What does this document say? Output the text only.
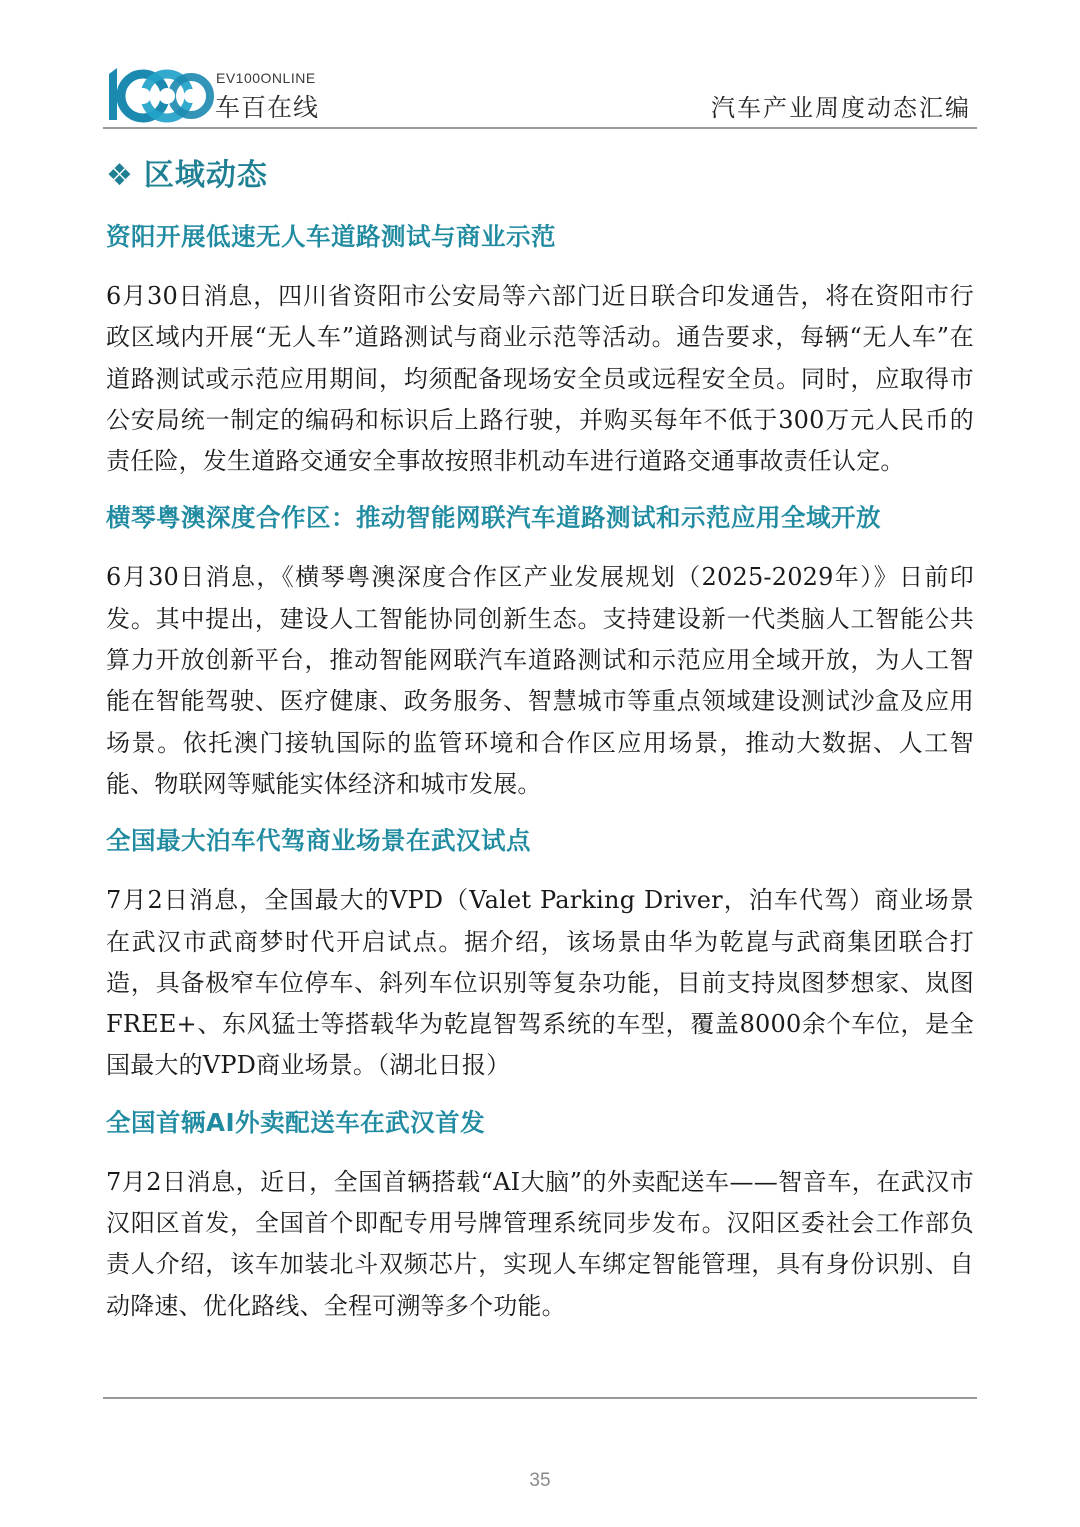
EV100ONLINE
车百在线	汽车产业周度动态汇编
❖ 区域动态
资阳开展低速无人车道路测试与商业示范

6月30日消息，四川省资阳市公安局等六部门近日联合印发通告，将在资阳市行政区域内开展“无人车”道路测试与商业示范等活动。通告要求，每辆“无人车”在道路测试或示范应用期间，均须配备现场安全员或远程安全员。同时，应取得市公安局统一制定的编码和标识后上路行驶，并购买每年不低于300万元人民币的责任险，发生道路交通安全事故按照非机动车进行道路交通事故责任认定。

横琴粤澳深度合作区：推动智能网联汽车道路测试和示范应用全域开放

6月30日消息，《横琴粤澳深度合作区产业发展规划（2025-2029年）》日前印发。其中提出，建设人工智能协同创新生态。支持建设新一代类脑人工智能公共算力开放创新平台，推动智能网联汽车道路测试和示范应用全域开放，为人工智能在智能驾驶、医疗健康、政务服务、智慧城市等重点领域建设测试沙盒及应用场景。依托澳门接轨国际的监管环境和合作区应用场景，推动大数据、人工智能、物联网等赋能实体经济和城市发展。

全国最大泊车代驾商业场景在武汉试点

7月2日消息，全国最大的VPD（Valet Parking Driver，泊车代驾）商业场景在武汉市武商梦时代开启试点。据介绍，该场景由华为乾崑与武商集团联合打造，具备极窄车位停车、斜列车位识别等复杂功能，目前支持岚图梦想家、岚图FREE+、东风猛士等搭载华为乾崑智驾系统的车型，覆盖8000余个车位，是全国最大的VPD商业场景。（湖北日报）

全国首辆AI外卖配送车在武汉首发

7月2日消息，近日，全国首辆搭载“AI大脑”的外卖配送车——智音车，在武汉市汉阳区首发，全国首个即配专用号牌管理系统同步发布。汉阳区委社会工作部负责人介绍，该车加装北斗双频芯片，实现人车绑定智能管理，具有身份识别、自动降速、优化路线、全程可溯等多个功能。

35
